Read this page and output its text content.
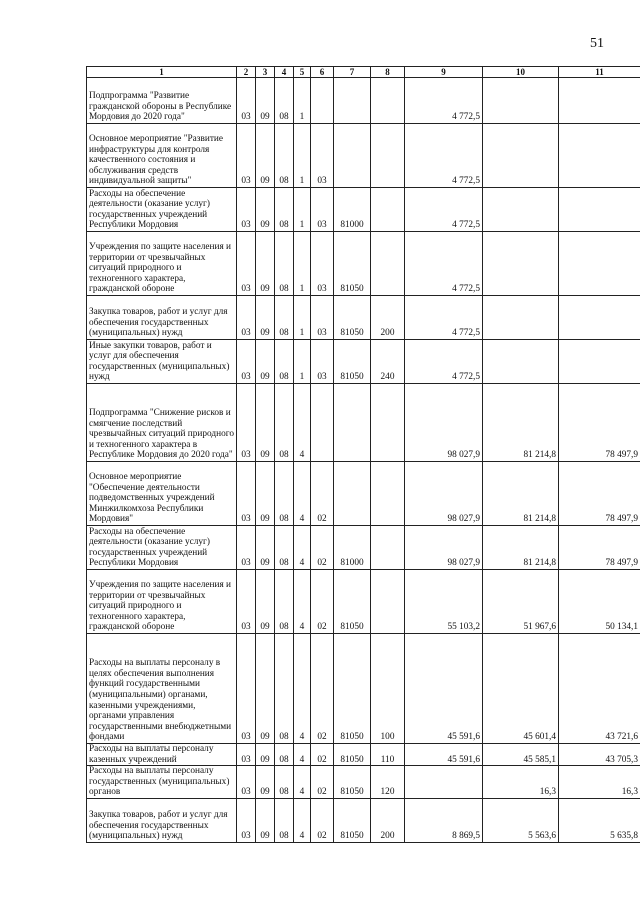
51
1	2	3	4	5	6	7	8	9	10	11
Подпрограмма "Развитие гражданской обороны в Республике Мордовия до 2020 года"	03	09	08	1				4 772,5		
Основное мероприятие "Развитие инфраструктуры для контроля качественного состояния и обслуживания средств индивидуальной защиты"	03	09	08	1	03			4 772,5		
Расходы на обеспечение деятельности (оказание услуг) государственных учреждений Республики Мордовия	03	09	08	1	03	81000		4 772,5		
Учреждения по защите населения и территории от чрезвычайных ситуаций природного и техногенного характера, гражданской обороне	03	09	08	1	03	81050		4 772,5		
Закупка товаров, работ и услуг для обеспечения государственных (муниципальных) нужд	03	09	08	1	03	81050	200	4 772,5		
Иные закупки товаров, работ и услуг для обеспечения государственных (муниципальных) нужд	03	09	08	1	03	81050	240	4 772,5		
Подпрограмма "Снижение рисков и смягчение последствий чрезвычайных ситуаций природного и техногенного характера в Республике Мордовия до 2020 года"	03	09	08	4				98 027,9	81 214,8	78 497,9
Основное мероприятие "Обеспечение деятельности подведомственных учреждений Минжилкомхоза Республики Мордовия"	03	09	08	4	02			98 027,9	81 214,8	78 497,9
Расходы на обеспечение деятельности (оказание услуг) государственных учреждений Республики Мордовия	03	09	08	4	02	81000		98 027,9	81 214,8	78 497,9
Учреждения по защите населения и территории от чрезвычайных ситуаций природного и техногенного характера, гражданской обороне	03	09	08	4	02	81050		55 103,2	51 967,6	50 134,1
Расходы на выплаты персоналу в целях обеспечения выполнения функций государственными (муниципальными) органами, казенными учреждениями, органами управления государственными внебюджетными фондами	03	09	08	4	02	81050	100	45 591,6	45 601,4	43 721,6
Расходы на выплаты персоналу казенных учреждений	03	09	08	4	02	81050	110	45 591,6	45 585,1	43 705,3
Расходы на выплаты персоналу государственных (муниципальных) органов	03	09	08	4	02	81050	120		16,3	16,3
Закупка товаров, работ и услуг для обеспечения государственных (муниципальных) нужд	03	09	08	4	02	81050	200	8 869,5	5 563,6	5 635,8
